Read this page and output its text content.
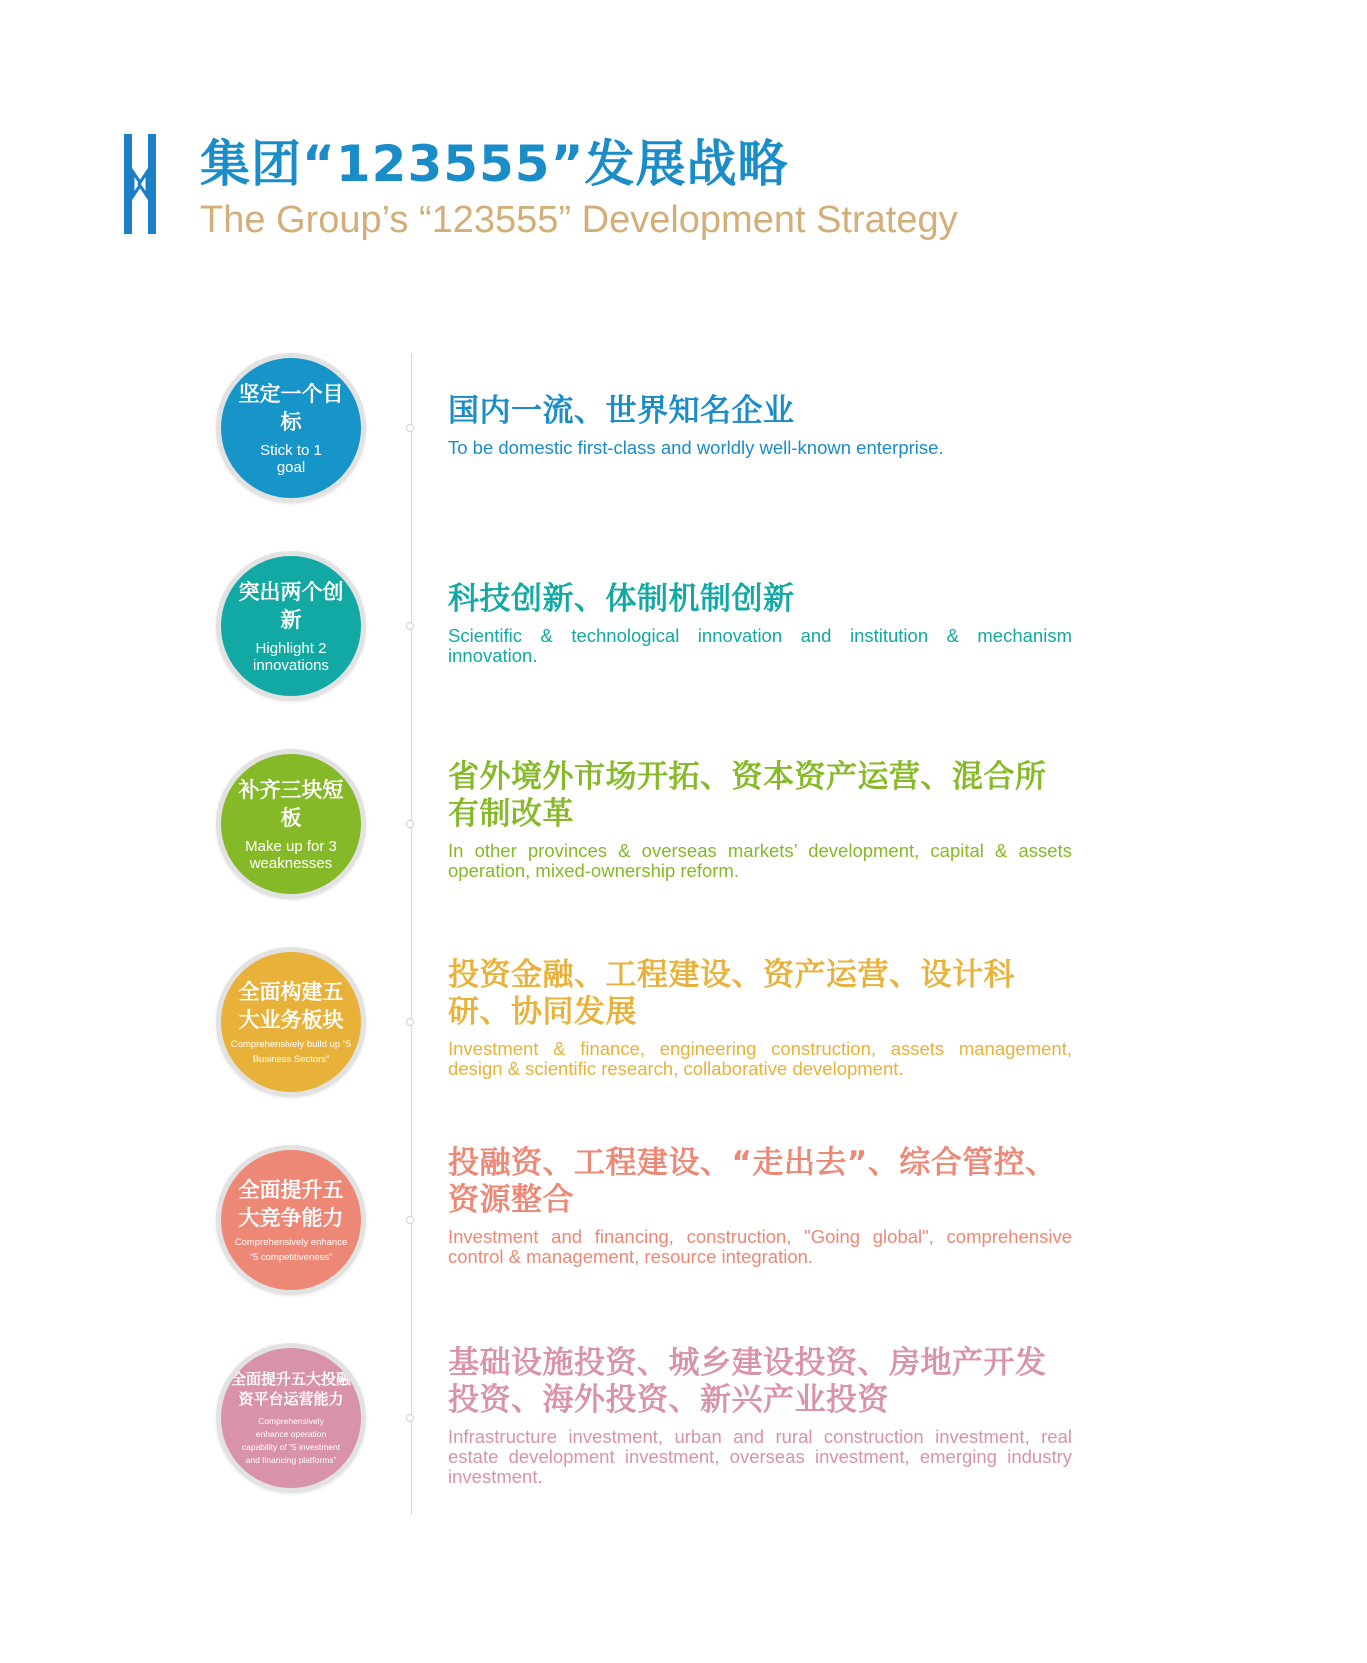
集团“123555”发展战略
The Group’s “123555” Development Strategy
坚定一个目标
Stick to 1 goal
国内一流、世界知名企业
To be domestic first-class and worldly well-known enterprise.
突出两个创新
Highlight 2 innovations
科技创新、体制机制创新
Scientific & technological innovation and institution & mechanism innovation.
补齐三块短板
Make up for 3 weaknesses
省外境外市场开拓、资本资产运营、混合所有制改革
In other provinces & overseas markets’ development, capital & assets operation, mixed-ownership reform.
全面构建五大业务板块
Comprehensively build up “5 Business Sectors”
投资金融、工程建设、资产运营、设计科研、协同发展
Investment & finance, engineering construction, assets management, design & scientific research, collaborative development.
全面提升五大竞争能力
Comprehensively enhance “5 competitiveness”
投融资、工程建设、“走出去”、综合管控、资源整合
Investment and financing, construction, "Going global", comprehensive control & management, resource integration.
全面提升五大投融资平台运营能力
Comprehensively enhance operation capability of “5 investment and financing platforms”
基础设施投资、城乡建设投资、房地产开发投资、海外投资、新兴产业投资
Infrastructure investment, urban and rural construction investment, real estate development investment, overseas investment, emerging industry investment.
